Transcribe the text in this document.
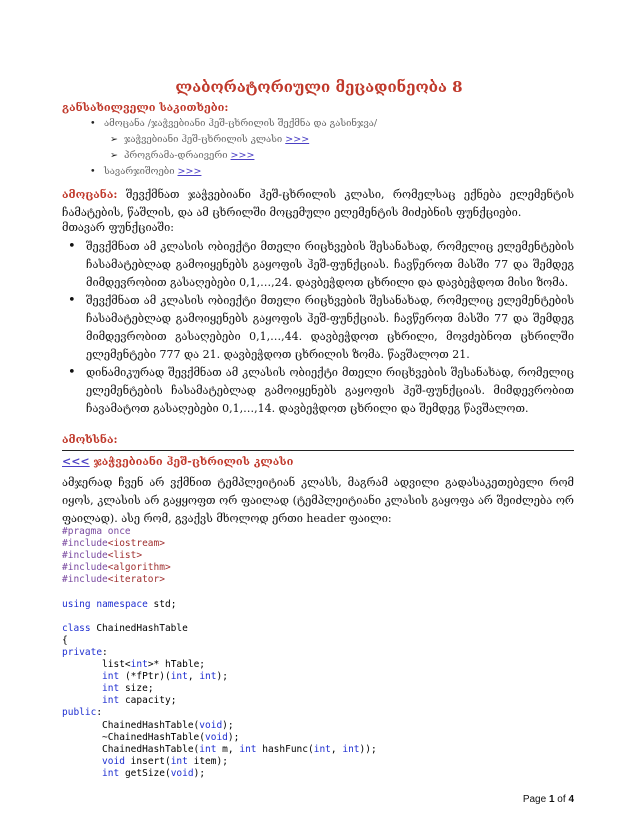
ლაბორატორიული მეცადინეობა 8
განსახილველი საკითხები:
• ამოცანა /ჯაჭვებიანი ჰეშ-ცხრილის შექმნა და გასინჯვა/
➢ ჯაჭვებიანი ჰეშ-ცხრილის კლასი >>>
➢ პროგრამა-დრაივერი >>>
• სავარჯიშოები >>>
ამოცანა: შევქმნათ ჯაჭვებიანი ჰეშ-ცხრილის კლასი, რომელსაც ექნება ელემენტის ჩამატების, წაშლის, და ამ ცხრილში მოცემული ელემენტის მიძებნის ფუნქციები.
მთავარ ფუნქციაში:
• შევქმნათ ამ კლასის ობიექტი მთელი რიცხვების შესანახად, რომელიც ელემენტების ჩასამატებლად გამოიყენებს გაყოფის ჰეშ-ფუნქციას. ჩავწეროთ მასში 77 და შემდეგ მიმდევრობით გასაღებები 0,1,…,24. დავბეჭდოთ ცხრილი და დავბეჭდოთ მისი ზომა.
• შევქმნათ ამ კლასის ობიექტი მთელი რიცხვების შესანახად, რომელიც ელემენტების ჩასამატებლად გამოიყენებს გაყოფის ჰეშ-ფუნქციას. ჩავწეროთ მასში 77 და შემდეგ მიმდევრობით გასაღებები 0,1,…,44. დავბეჭდოთ ცხრილი, მოვძებნოთ ცხრილში ელემენტები 777 და 21. დავბეჭდოთ ცხრილის ზომა. წავშალოთ 21.
• დინამიკურად შევქმნათ ამ კლასის ობიექტი მთელი რიცხვების შესანახად, რომელიც ელემენტების ჩასამატებლად გამოიყენებს გაყოფის ჰეშ-ფუნქციას. მიმდევრობით ჩავამატოთ გასაღებები 0,1,…,14. დავბეჭდოთ ცხრილი და შემდეგ წავშალოთ.
ამოხსნა:
<<< ჯაჭვებიანი ჰეშ-ცხრილის კლასი
ამჯერად ჩვენ არ ვქმნით ტემპლეიტიან კლასს, მაგრამ ადვილი გადასაკეთებელი რომ იყოს, კლასის არ გაყყოფთ ორ ფაილად (ტემპლეიტიანი კლასის გაყოფა არ შეიძლება ორ ფაილად). ასე რომ, გვაქვს მხოლოდ ერთი header ფაილი:
#pragma once
#include<iostream>
#include<list>
#include<algorithm>
#include<iterator>

using namespace std;

class ChainedHashTable
{
private:
list<int>* hTable;
int (*fPtr)(int, int);
int size;
int capacity;
public:
ChainedHashTable(void);
~ChainedHashTable(void);
ChainedHashTable(int m, int hashFunc(int, int));
void insert(int item);
int getSize(void);
Page 1 of 4
